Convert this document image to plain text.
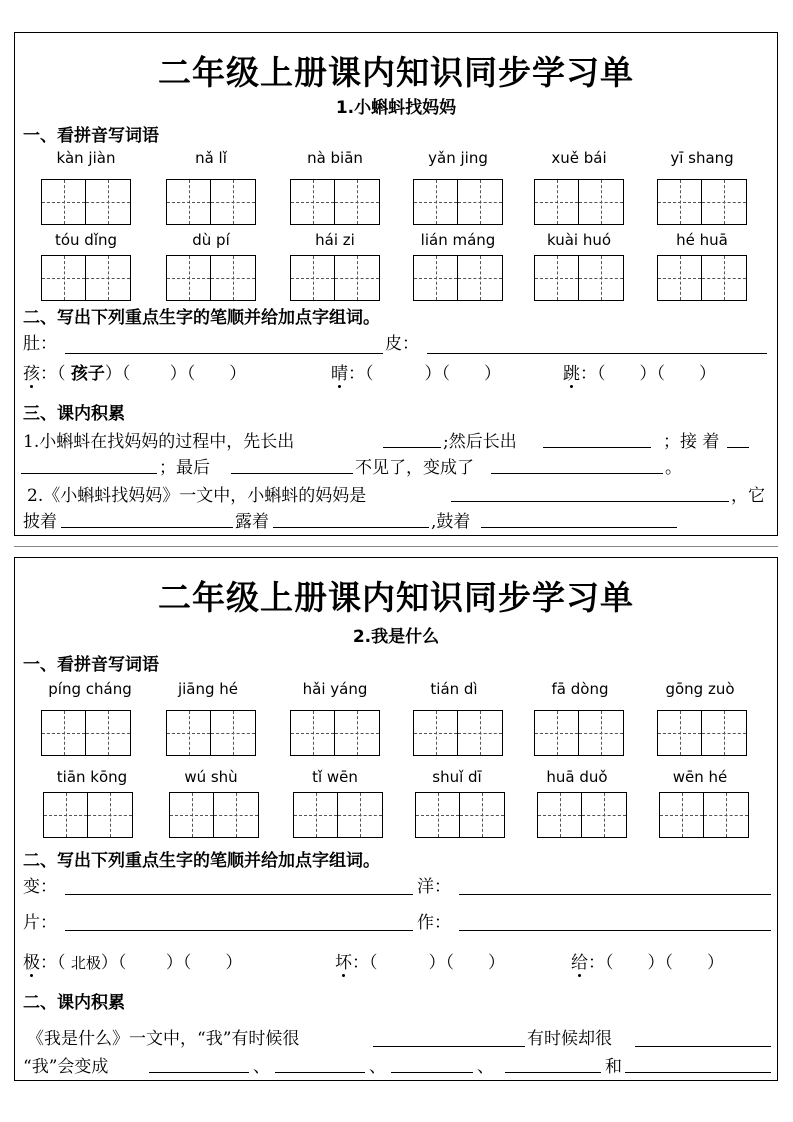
二年级上册课内知识同步学习单
1.小蝌蚪找妈妈
一、看拼音写词语
kàn jiàn	nǎ lǐ	nà biān	yǎn jing	xuě bái	yī shang
tóu dǐng	dù pí	hái zi	lián máng	kuài huó	hé huā
二、写出下列重点生字的笔顺并给加点字组词。
肚：	皮：
孩：（ 孩子）（　　 ）（　　）	晴：（　　　）（　　）	跳：（　　）（　　）
三、课内积累
1.小蝌蚪在找妈妈的过程中，先长出	;然后长出	；接 着
；最后	不见了，变成了	。
2.《小蝌蚪找妈妈》一文中，小蝌蚪的妈妈是	，它
披着	露着	,鼓着
二年级上册课内知识同步学习单
2.我是什么
一、看拼音写词语
píng cháng	jiāng hé	hǎi yáng	tián dì	fā dòng	gōng zuò
tiān kōng	wú shù	tǐ wēn	shuǐ dī	huā duǒ	wēn hé
二、写出下列重点生字的笔顺并给加点字组词。
变：	洋：
片：	作：
极：（ 北极）（　　 ）（　　）	坏：（　　　）（　　）	给：（　　）（　　）
二、课内积累
《我是什么》一文中，“我”有时候很	有时候却很
“我”会变成	、	、	、	和
